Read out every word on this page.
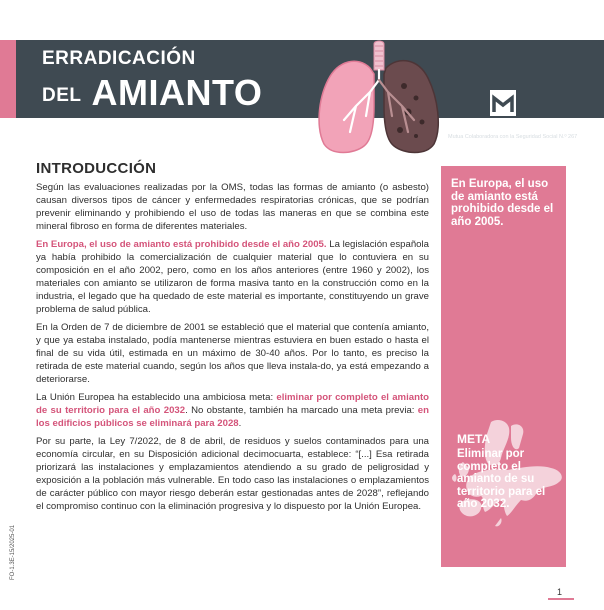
ERRADICACIÓN
DEL AMIANTO
UNIÓN DE MUTUAS
Mutua Colaboradora con la Seguridad Social N.º 267
INTRODUCCIÓN

Según las evaluaciones realizadas por la OMS, todas las formas de amianto (o asbesto) causan diversos tipos de cáncer y enfermedades respiratorias crónicas, que se podrían prevenir eliminando y prohibiendo el uso de todas las maneras en que se combina este mineral fibroso en forma de diferentes materiales.

En Europa, el uso de amianto está prohibido desde el año 2005. La legislación española ya había prohibido la comercialización de cualquier material que lo contuviera en su composición en el año 2002, pero, como en los años anteriores (entre 1960 y 2002), los materiales con amianto se utilizaron de forma masiva tanto en la construcción como en la industria, el legado que ha quedado de este material es importante, constituyendo un grave problema de salud pública.

En la Orden de 7 de diciembre de 2001 se estableció que el material que contenía amianto, y que ya estaba instalado, podía mantenerse mientras estuviera en buen estado o hasta el final de su vida útil, estimada en un máximo de 30-40 años. Por lo tanto, es preciso la retirada de este material cuando, según los años que lleva instala-do, ya está empezando a deteriorarse.

La Unión Europea ha establecido una ambiciosa meta: eliminar por completo el amianto de su territorio para el año 2032. No obstante, también ha marcado una meta previa: en los edificios públicos se eliminará para 2028.

Por su parte, la Ley 7/2022, de 8 de abril, de residuos y suelos contaminados para una economía circular, en su Disposición adicional decimocuarta, establece: “[...] Esa retirada priorizará las instalaciones y emplazamientos atendiendo a su grado de peligrosidad y exposición a la población más vulnerable. En todo caso las instalaciones o emplazamientos de carácter público con mayor riesgo deberán estar gestionadas antes de 2028”, reflejando el compromiso continuo con la eliminación progresiva y lo dispuesto por la Unión Europea.

En Europa, el uso de amianto está prohibido desde el año 2005.
META
Eliminar por completo el amianto de su territorio para el año 2032.
FO-1.3E-15/2025-01
1
